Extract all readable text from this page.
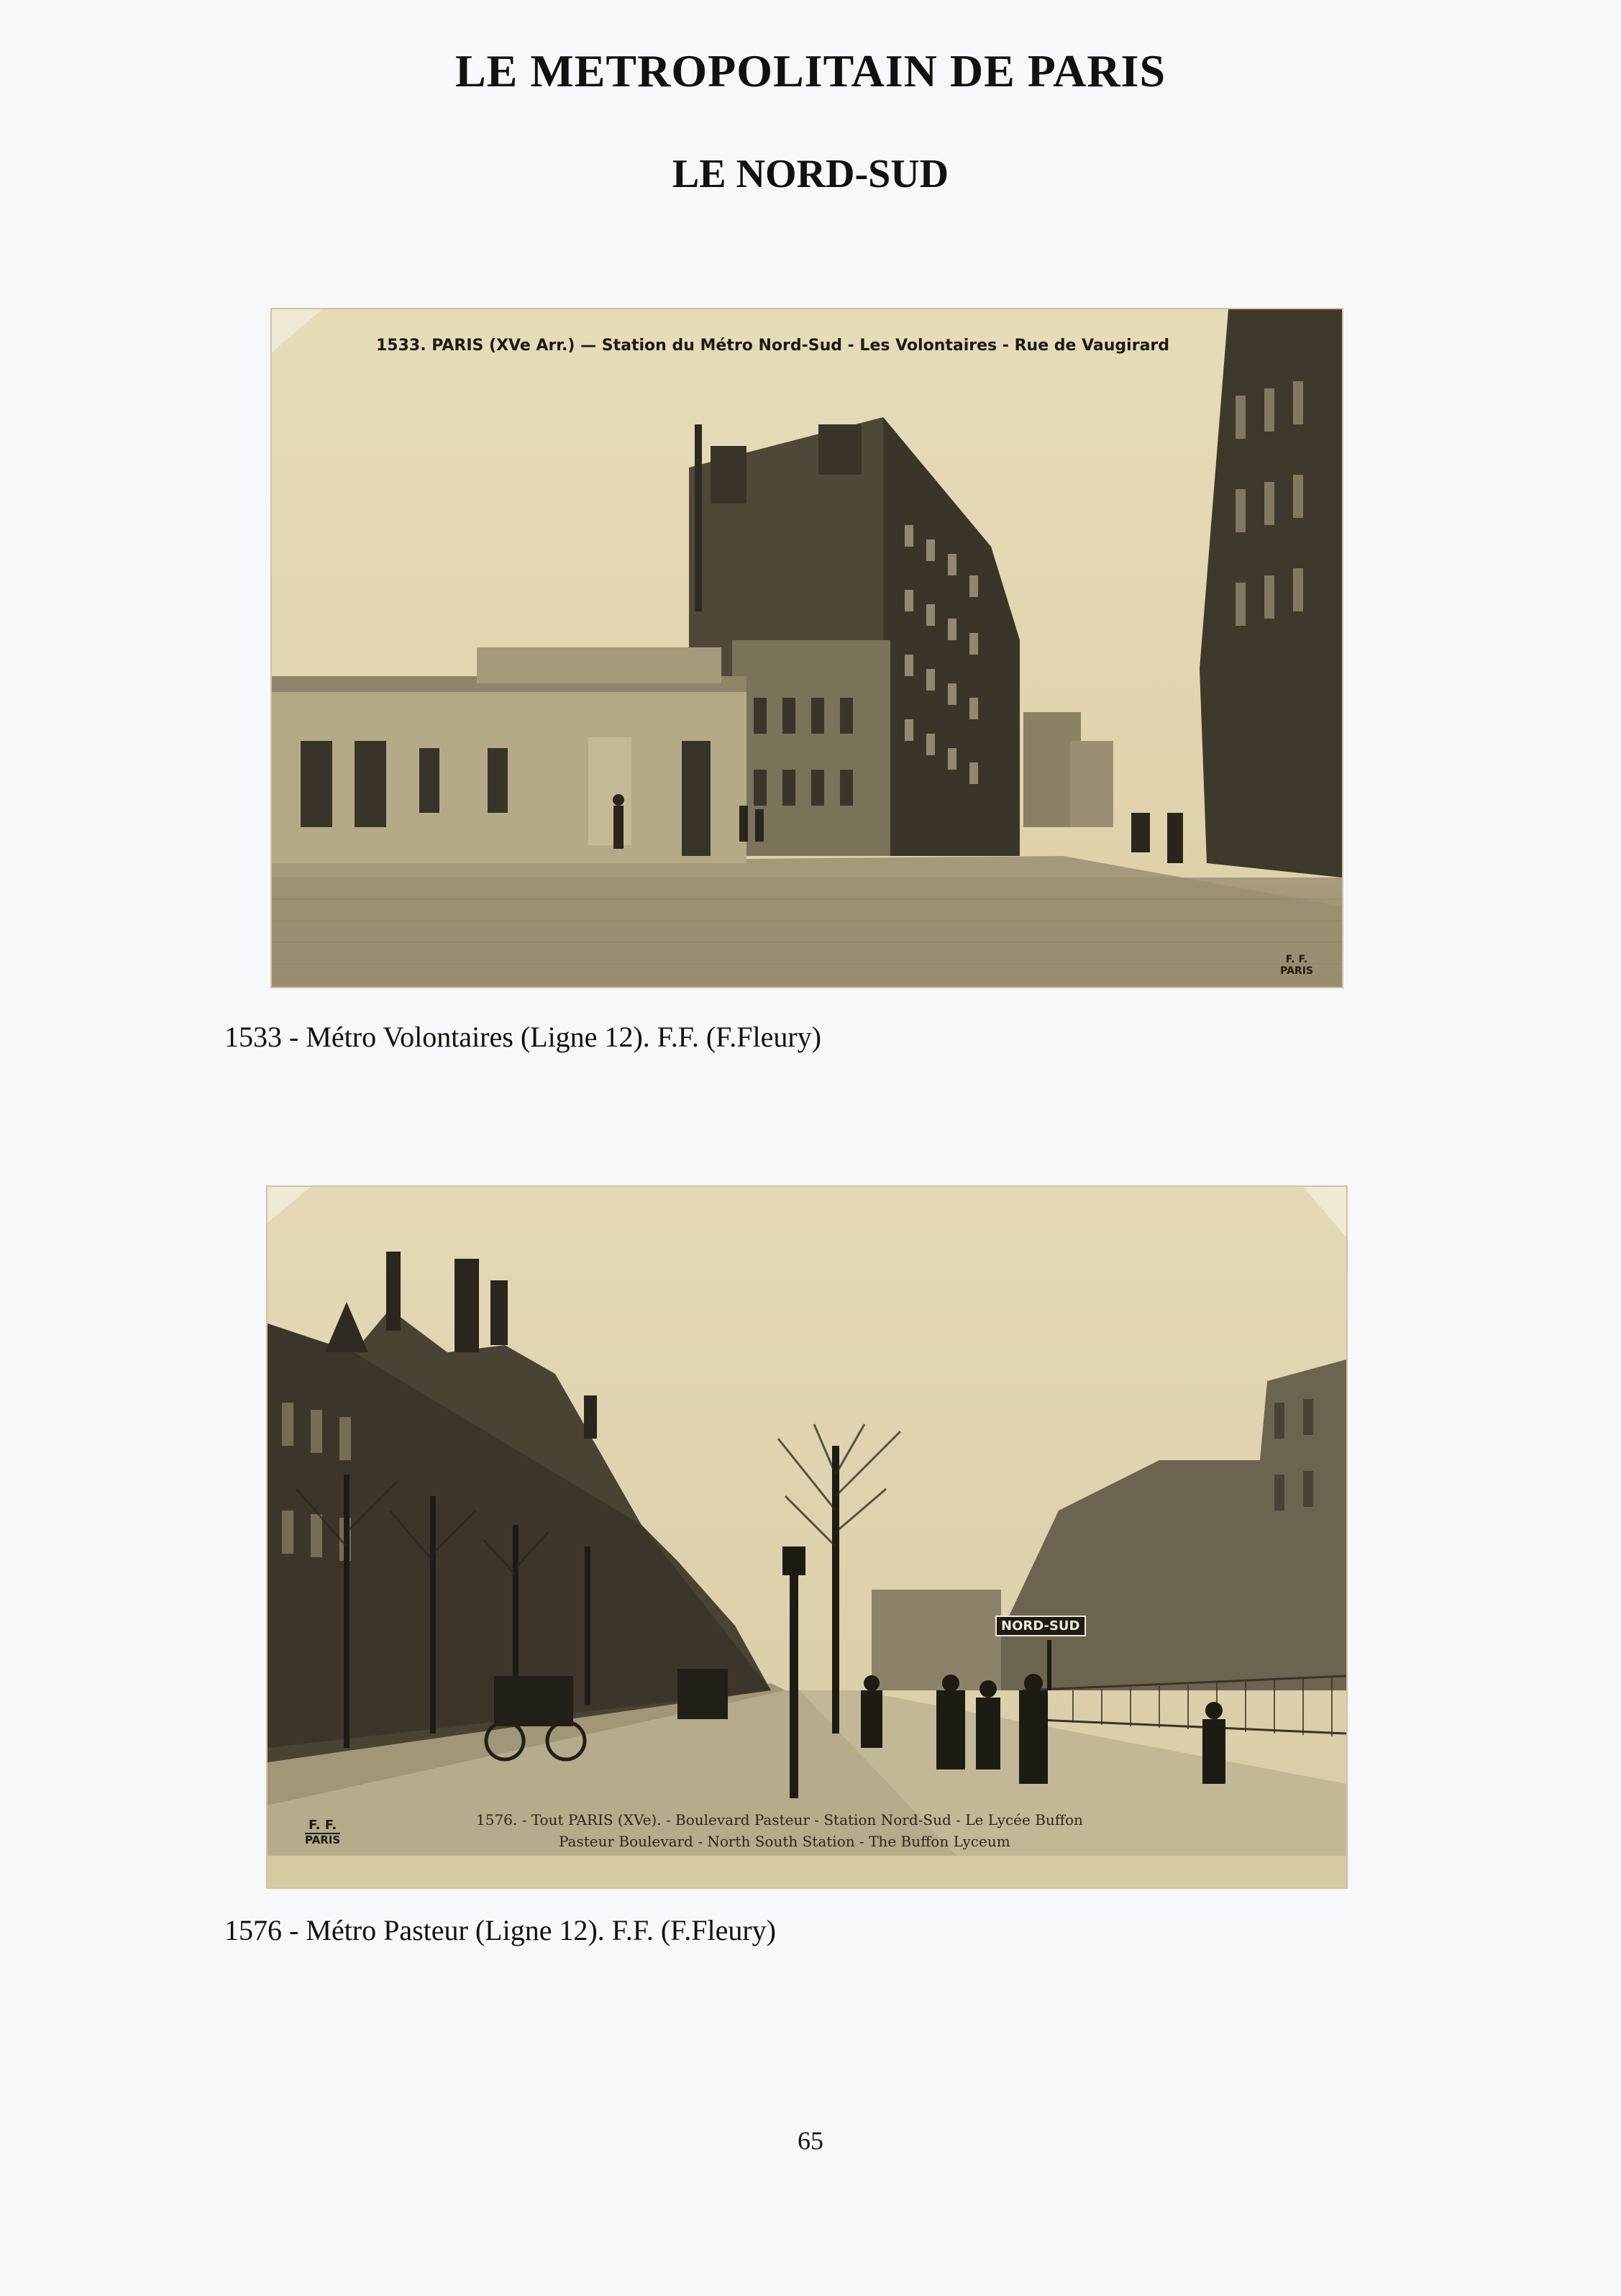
LE METROPOLITAIN DE PARIS
LE NORD-SUD
1533. PARIS (XVe Arr.) — Station du Métro Nord-Sud - Les Volontaires - Rue de Vaugirard
F. F.
PARIS
1533 - Métro Volontaires (Ligne 12). F.F. (F.Fleury)
NORD-SUD
1576. - Tout PARIS (XVe). - Boulevard Pasteur - Station Nord-Sud - Le Lycée Buffon
Pasteur Boulevard - North South Station - The Buffon Lyceum
F. F.
PARIS
1576 - Métro Pasteur (Ligne 12). F.F. (F.Fleury)
65
